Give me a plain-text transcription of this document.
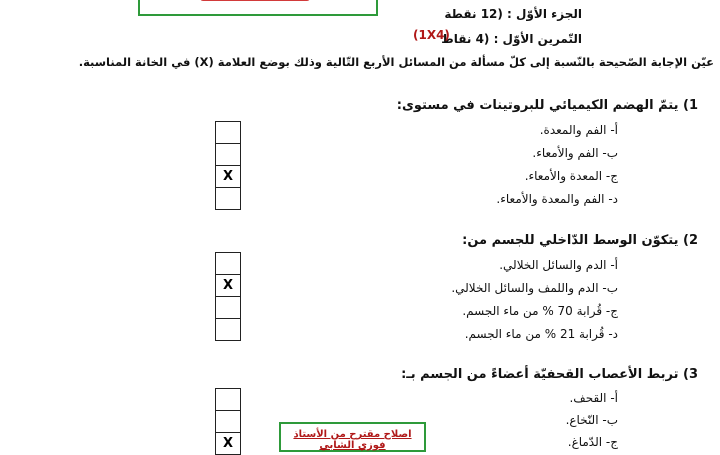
الجزء الأوّل : (12 نقطة
التّمرين الأوّل : (4 نقاط
(1X4)
عيّن الإجابة الصّحيحة بالنّسبة إلى كلّ مسألة من المسائل الأربع التّالية وذلك بوضع العلامة (X) في الخانة المناسبة.
1) يتمّ الهضم الكيميائي للبروتينات في مستوى:
أ- الفم والمعدة.
ب- الفم والأمعاء.
ج- المعدة والأمعاء.
د- الفم والمعدة والأمعاء.
X
2) يتكوّن الوسط الدّاخلي للجسم من:
أ- الدم والسائل الخلالي.
ب- الدم واللمف والسائل الخلالي.
ج- قُرابة 70 % من ماء الجسم.
د- قُرابة 21 % من ماء الجسم.
X
3) تربط الأعصاب القحفيّة أعضاءً من الجسم بـ:
أ- القحف.
ب- النّخاع.
ج- الدّماغ.
X
اصلاح مقترح من الأستاذ فوزي الشابي
